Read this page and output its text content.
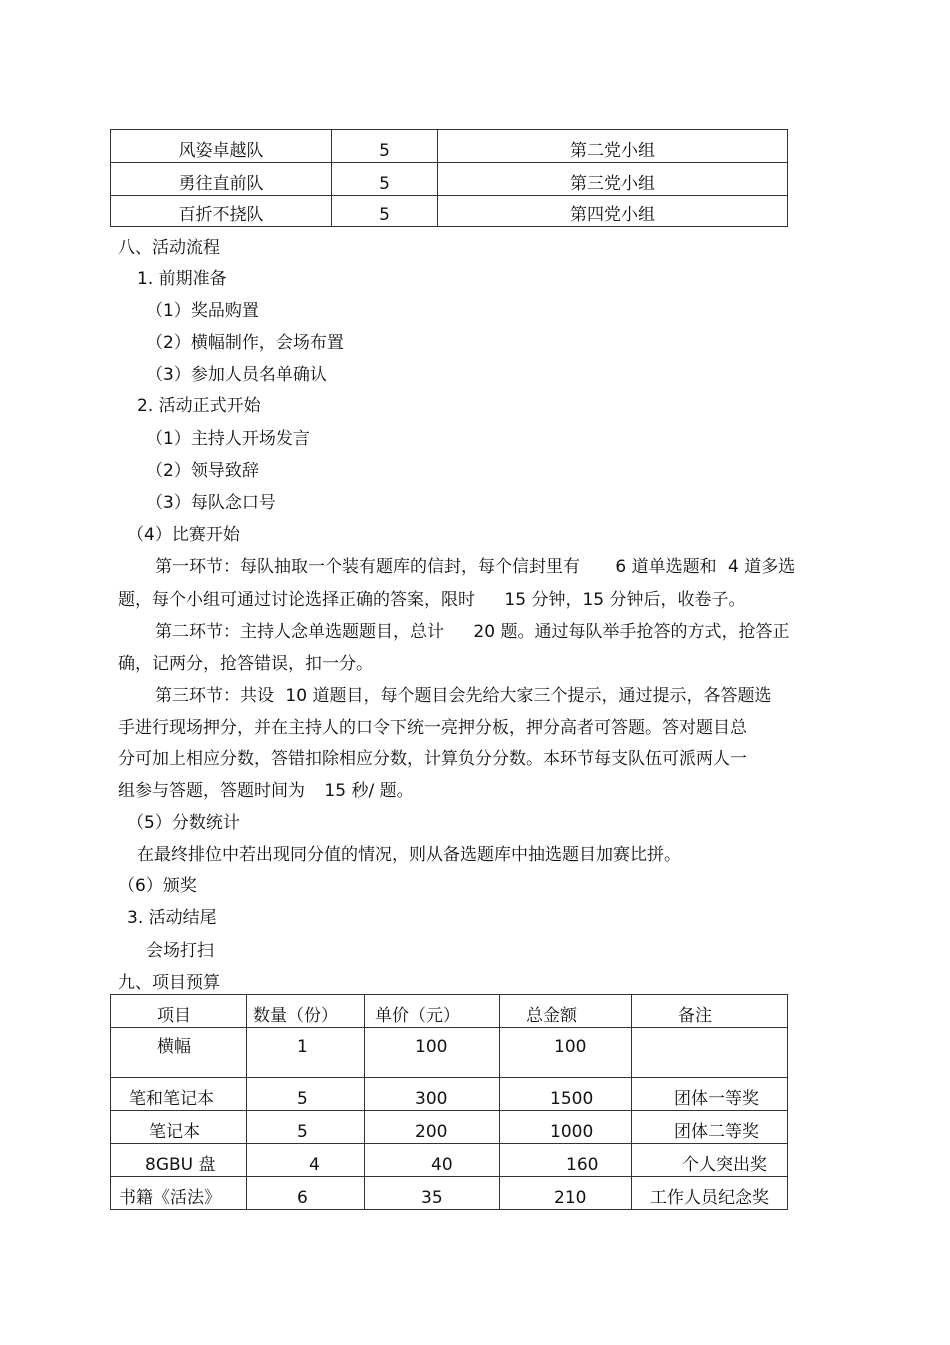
风姿卓越队	5	第二党小组
勇往直前队	5	第三党小组
百折不挠队	5	第四党小组
八、活动流程
1. 前期准备
（1）奖品购置
（2）横幅制作，会场布置
（3）参加人员名单确认
2. 活动正式开始
（1）主持人开场发言
（2）领导致辞
（3）每队念口号
（4）比赛开始
第一环节：每队抽取一个装有题库的信封，每个信封里有 6 道单选题和 4 道多选
题，每个小组可通过讨论选择正确的答案，限时 15 分钟，15 分钟后，收卷子。
第二环节：主持人念单选题题目，总计 20 题。通过每队举手抢答的方式，抢答正
确，记两分，抢答错误，扣一分。
第三环节：共设 10 道题目，每个题目会先给大家三个提示，通过提示，各答题选
手进行现场押分，并在主持人的口令下统一亮押分板，押分高者可答题。答对题目总
分可加上相应分数，答错扣除相应分数，计算负分分数。本环节每支队伍可派两人一
组参与答题，答题时间为 15 秒/ 题。
（5）分数统计
在最终排位中若出现同分值的情况，则从备选题库中抽选题目加赛比拼。
（6）颁奖
3. 活动结尾
会场打扫
九、项目预算
项目	数量（份）	单价（元）	总金额	备注
横幅	1	100	100	
笔和笔记本	5	300	1500	团体一等奖
笔记本	5	200	1000	团体二等奖
8GBU 盘	4	40	160	个人突出奖
书籍《活法》	6	35	210	工作人员纪念奖
